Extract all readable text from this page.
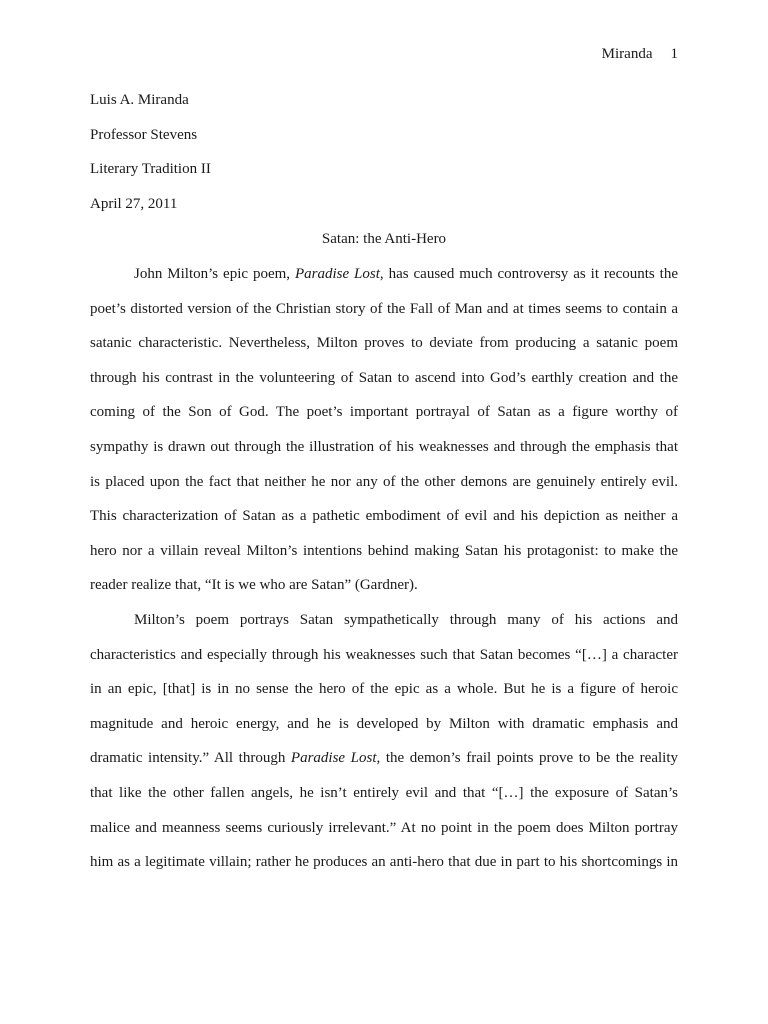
Miranda 1
Luis A. Miranda
Professor Stevens
Literary Tradition II
April 27, 2011
Satan: the Anti-Hero
John Milton’s epic poem, Paradise Lost, has caused much controversy as it recounts the
poet’s distorted version of the Christian story of the Fall of Man and at times seems to contain a
satanic characteristic. Nevertheless, Milton proves to deviate from producing a satanic poem
through his contrast in the volunteering of Satan to ascend into God’s earthly creation and the
coming of the Son of God. The poet’s important portrayal of Satan as a figure worthy of
sympathy is drawn out through the illustration of his weaknesses and through the emphasis that
is placed upon the fact that neither he nor any of the other demons are genuinely entirely evil.
This characterization of Satan as a pathetic embodiment of evil and his depiction as neither a
hero nor a villain reveal Milton’s intentions behind making Satan his protagonist: to make the
reader realize that, “It is we who are Satan” (Gardner).
Milton’s poem portrays Satan sympathetically through many of his actions and
characteristics and especially through his weaknesses such that Satan becomes “[…] a character
in an epic, [that] is in no sense the hero of the epic as a whole. But he is a figure of heroic
magnitude and heroic energy, and he is developed by Milton with dramatic emphasis and
dramatic intensity.” All through Paradise Lost, the demon’s frail points prove to be the reality
that like the other fallen angels, he isn’t entirely evil and that “[…] the exposure of Satan’s
malice and meanness seems curiously irrelevant.” At no point in the poem does Milton portray
him as a legitimate villain; rather he produces an anti-hero that due in part to his shortcomings in
